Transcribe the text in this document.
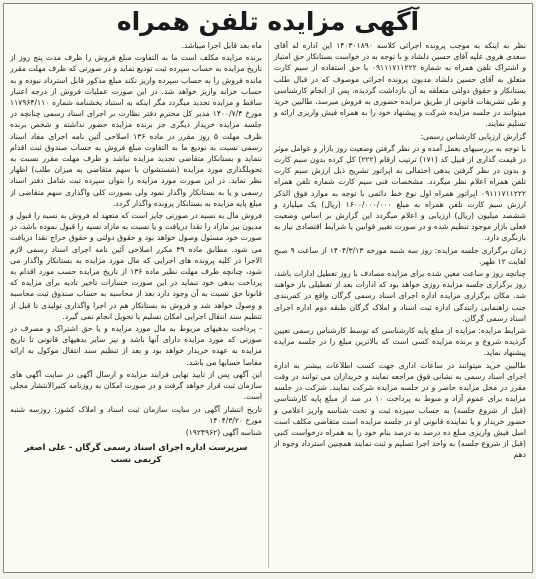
آگهی مزایده تلفن همراه

نظر به اینکه به موجب پرونده اجرائی کلاسه ۱۴۰۳۰۱۸۹۰ این اداره له آقای سعدی هروی علیه آقای حسین دلشاد و با توجه به در خواست بستانکار حق امتیاز و اشتراک تلفن همراه به شماره ۰۹۱۱۱۷۱۱۲۲۲ با حق استفاده از سیم کارت متعلق به آقای حسین دلشاد مدیون پرونده اجرائی موصوف که در قبال طلب بستانکار و حقوق دولتی متعلقه به آن بازداشت گردیده، پس از انجام کارشناسی و طی تشریفات قانونی از طریق مزایده حضوری به فروش میرسد، طالبین خرید میتوانند در جلسه مزایده شرکت و پیشنهاد خود را به همراه فیش واریزی ارائه و تسلیم نمایند.

گزارش ارزیابی کارشناس رسمی:

با توجه به بررسیهای بعمل آمده و در نظر گرفتن وضعیت روز بازار و عوامل موثر در قیمت گذاری از قبیل کد (۱۷۱) ترتیب ارقام (۲۲۲) کل کرده بدون سیم کارت و بدون در نظر گرفتن بدهی احتمالی به اپراتور تشریح ذیل ارزش سیم کارت تلفن همراه اعلام نظر میگردد. مشخصات فنی سیم کارت شماره تلفن همراه ۰۹۱۱۱۷۱۱۲۲۲ اپراتور همراه اول نوع خط دائمی با توجه به موارد فوق الذکر ارزش سیم کارت تلفن همراه به مبلغ ۱۶۰۰/۰۰۰/۰۰۰ (ریال) یک میلیارد و ششصد میلیون (ریال) ارزیابی و اعلام میگردد این گزارش بر اساس وضعیت فعلی بازار موجود تنظیم شده و در صورت تغییر قوانین یا شرایط اقتصادی نیاز به بازنگری دارد.

زمان برگزاری جلسه مزایده: روز سه شنبه مورخه ۱۴۰۴/۳/۱۳ از ساعت ۹ صبح لغایت ۱۲ ظهر.

چنانچه روز و ساعت معین شده برای مزایده مصادف با روز تعطیل ادارات باشد، روز برگزاری جلسه مزایده روزی خواهد بود که ادارات بعد از تعطیلی باز خواهند شد. مکان برگزاری مزایده اداره اجرای اسناد رسمی گرگان واقع در کمربندی جنب راهنمایی رانندگی اداره ثبت اسناد و املاک گرگان طبقه دوم اداره اجرای اسناد رسمی گرگان.

شرایط مزایده: مزایده از مبلغ پایه کارشناسی که توسط کارشناس رسمی تعیین گردیده شروع و برنده مزایده کسی است که بالاترین مبلغ را در جلسه مزایده پیشنهاد نماید.

طالبین خرید میتوانند در ساعات اداری جهت کسب اطلاعات بیشتر به اداره اجرای اسناد رسمی به نشانی فوق مراجعه نمایند و خریداران می توانند در وقت مقرر در محل مزایده حاضر و در جلسه مزایده شرکت نمایند. شرکت در جلسه مزایده برای عموم آزاد و منوط به پرداخت ۱۰ در صد از مبلغ پایه کارشناسی (قبل از شروع جلسه) به حساب سپرده ثبت و تحت شناسه واریز اعلامی و حضور خریدار و یا نماینده قانونی او در جلسه مزایده است متقاضی مکلف است اصل فیش واریزی مبلغ ده درصد به درصد بنام خود را به همراه درخواست کتبی (قبل از شروع جلسه) به واحد اجرا تسلیم و ثبت نمایند همچنین استرداد وجوه از دهم

ماه بعد قابل اجرا میباشد.

برنده مزایده مکلف است ما به التفاوت مبلغ فروش را ظرف مدت پنج روز از تاریخ مزایده به حساب سپرده ثبت تودیع نماید و در صورتی که ظرف مهلت مقرر مانده فروش را به حساب سپرده واریز نکند مبلغ مذکور قابل استرداد نبوده و به حساب خزانه واریز خواهد شد. در این صورت عملیات فروش از درجه اعتبار ساقط و مزایده تجدید میگردد مگر اینکه به استناد بخشنامه شماره ۱۱۷۹۶۴/۱۱۰ مورخ ۱۴۰۰/۷/۴ مدیر کل محترم دفتر نظارت بر اجرای اسناد رسمی چنانچه در جلسه مزایده خریدار دیگری جز برنده مزایده حضور نداشته و شخص برنده ظرف مهلت ۵ روز مقرر در ماده ۱۳۶ اصلاحی آئین نامه اجرای مفاد اسناد رسمی نسبت به تودیع ما به التفاوت مبلغ فروش به حساب صندوق ثبت اقدام ننماید و بستانکار متقاضی تجدید مزایده نباشد و ظرف مهلت مقرر نسبت به تحویلگذاری مورد مزایده (شستشوان با سهم متقاضی به میزان طلب) اظهار نظر نماید. در این صورت مورد مزایده را بتوان سپرده ثبت شامل دفتر اسناد رسمی و یا به بستانکار واگذار نمود ولی بصورت کلی واگذاری سهم متقاضی از مبلغ پایه مزایده به بستانکار پرونده واگذار گردد.

فروش مال به نسیه در صورتی جایز است که متعهد له فروش به نسیه را قبول و مدیون نیز مازاد را نقدا دریافت و یا نسبت به مازاد نسیه را قبول نموده باشد، در صورت خود مسئول وصول خواهد بود و حقوق دولتی و حقوق حراج نقدا دریافت می شود. مطابق ماده ۳۹ مکرر اصلاحی آئین نامه اجرای اسناد رسمی لازم الاجرا در کلیه پرونده های اجرایی که مال مورد مزایده به بستانکار واگذار می شود، چنانچه ظرف مهلت نظیر ماده ۱۳۶ از تاریخ مزایده حسب مورد اقدام به پرداخت بدهی خود ننماید در این صورت خسارات تاخیر تادیه برای مزایده که قانونا حق نسبت به آن وجود دارد بعد از محاسبه به حساب صندوق ثبت محاسبه و وصول خواهد شد و فروش به بستانکار هم در اجرا واگذاری تولیدی تا قبل از تنظیم سند انتقال اجرایی امکان تسلیم یا تحویل انجام نمی گیرد.

- پرداخت بدهیهای مربوط به مال مورد مزایده و یا حق اشتراک و مصرف در صورتی که مورد مزایده دارای آنها باشد و نیز سایر بدهیهای قانونی تا تاریخ مزایده به عهده خریدار خواهد بود و بعد از تنظیم سند انتقال موکول به ارائه مفاصا حسابها می باشد.

این آگهی پس از تایید نهایی فرایند مزایده و ارسال آگهی در سایت آگهی های سازمان ثبت قرار خواهد گرفت و در صورت امکان به روزنامه کثیرالانتشار محلی است.

تاریخ انتشار آگهی در سایت سازمان ثبت اسناد و املاک کشور: روزسه شنبه مورخ ۱۴۰۴/۳/۲۰

شناسه آگهی (۱۹۲۴۹۶۲)

سرپرست اداره اجرای اسناد رسمی گرگان - علی اصغر کریمی نسب
